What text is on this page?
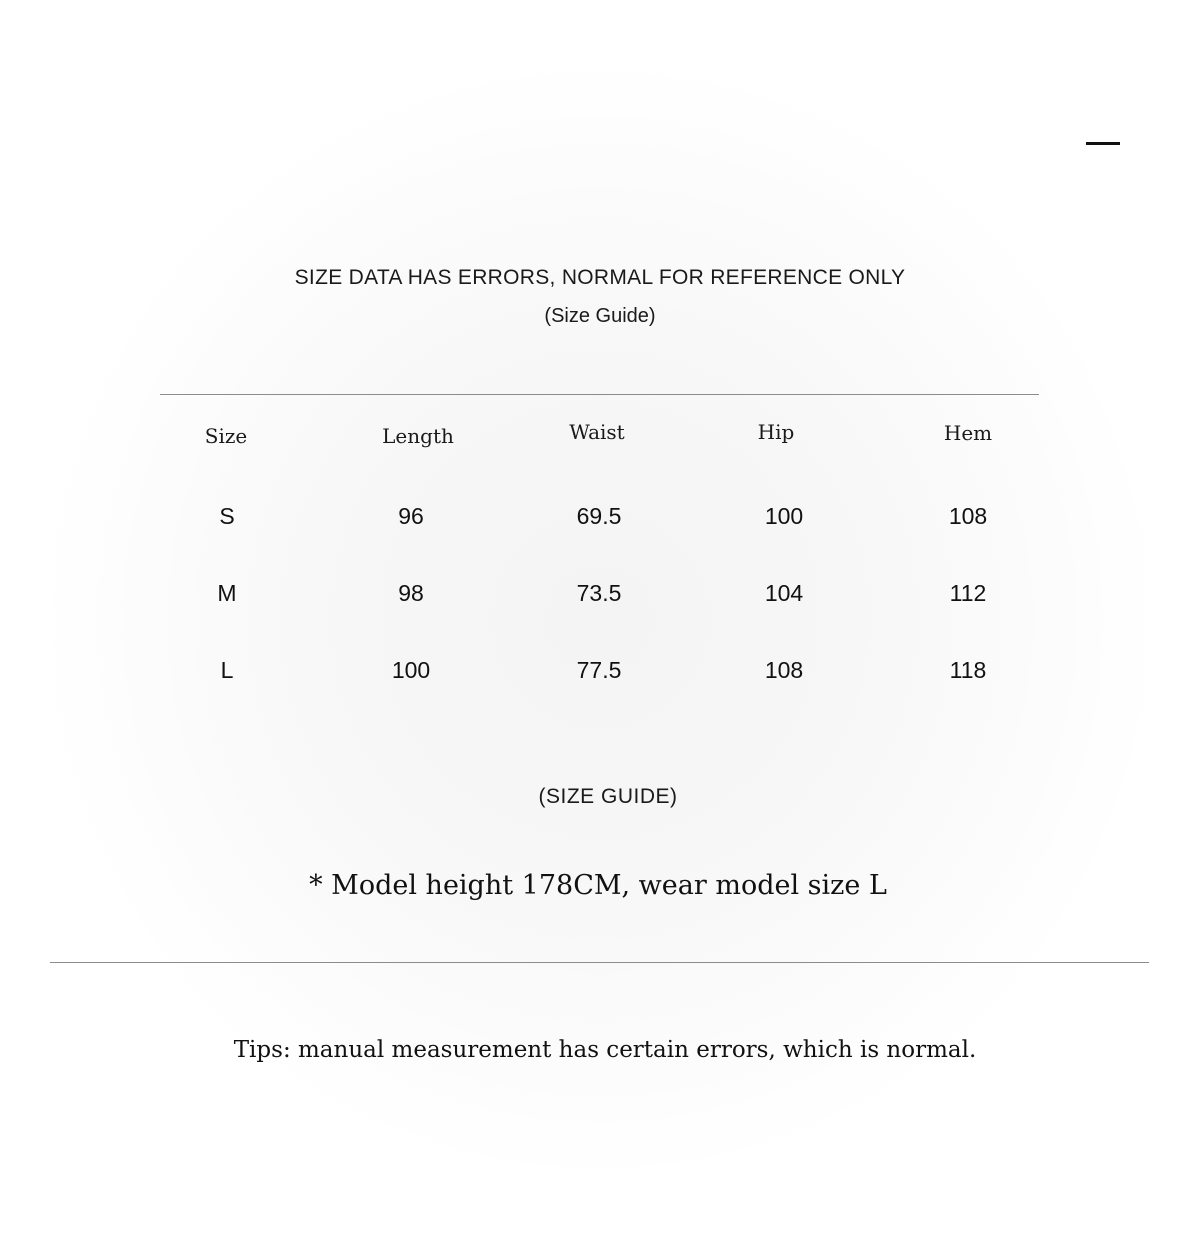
SIZE DATA HAS ERRORS, NORMAL FOR REFERENCE ONLY
(Size Guide)
Size	Length	Waist	Hip	Hem
S	96	69.5	100	108
M	98	73.5	104	112
L	100	77.5	108	118
(SIZE GUIDE)
* Model height 178CM, wear model size L
Tips: manual measurement has certain errors, which is normal.
